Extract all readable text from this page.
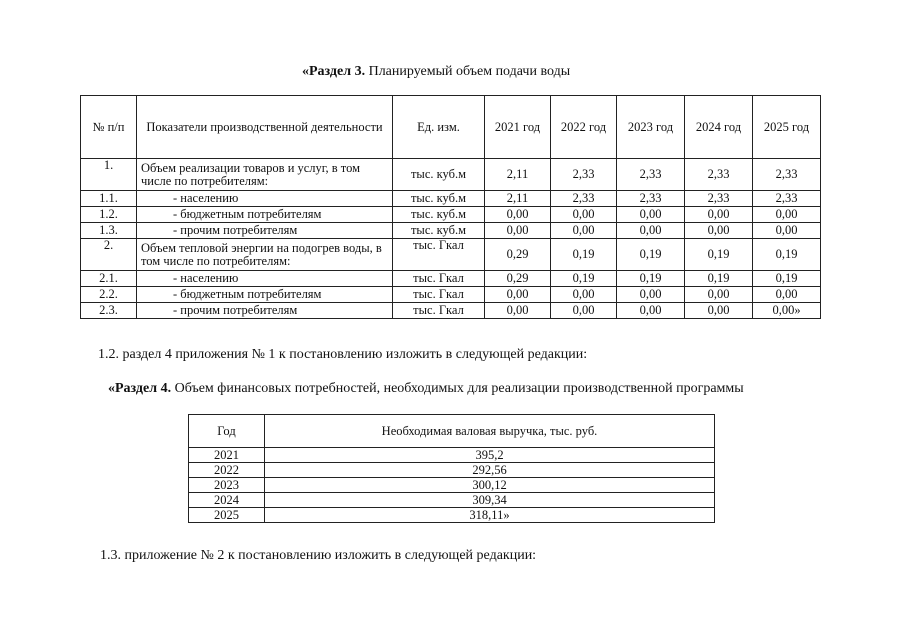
«Раздел 3. Планируемый объем подачи воды
№ п/п	Показатели производственной деятельности	Ед. изм.	2021 год	2022 год	2023 год	2024 год	2025 год
1.	Объем реализации товаров и услуг, в том числе по потребителям:	тыс. куб.м	2,11	2,33	2,33	2,33	2,33
1.1.	- населению	тыс. куб.м	2,11	2,33	2,33	2,33	2,33
1.2.	- бюджетным потребителям	тыс. куб.м	0,00	0,00	0,00	0,00	0,00
1.3.	- прочим потребителям	тыс. куб.м	0,00	0,00	0,00	0,00	0,00
2.	Объем тепловой энергии на подогрев воды, в том числе по потребителям:	тыс. Гкал	0,29	0,19	0,19	0,19	0,19
2.1.	- населению	тыс. Гкал	0,29	0,19	0,19	0,19	0,19
2.2.	- бюджетным потребителям	тыс. Гкал	0,00	0,00	0,00	0,00	0,00
2.3.	- прочим потребителям	тыс. Гкал	0,00	0,00	0,00	0,00	0,00»
1.2. раздел 4 приложения № 1 к постановлению изложить в следующей редакции:
«Раздел 4. Объем финансовых потребностей, необходимых для реализации производственной программы
Год	Необходимая валовая выручка, тыс. руб.
2021	395,2
2022	292,56
2023	300,12
2024	309,34
2025	318,11»
1.3. приложение № 2 к постановлению изложить в следующей редакции:
